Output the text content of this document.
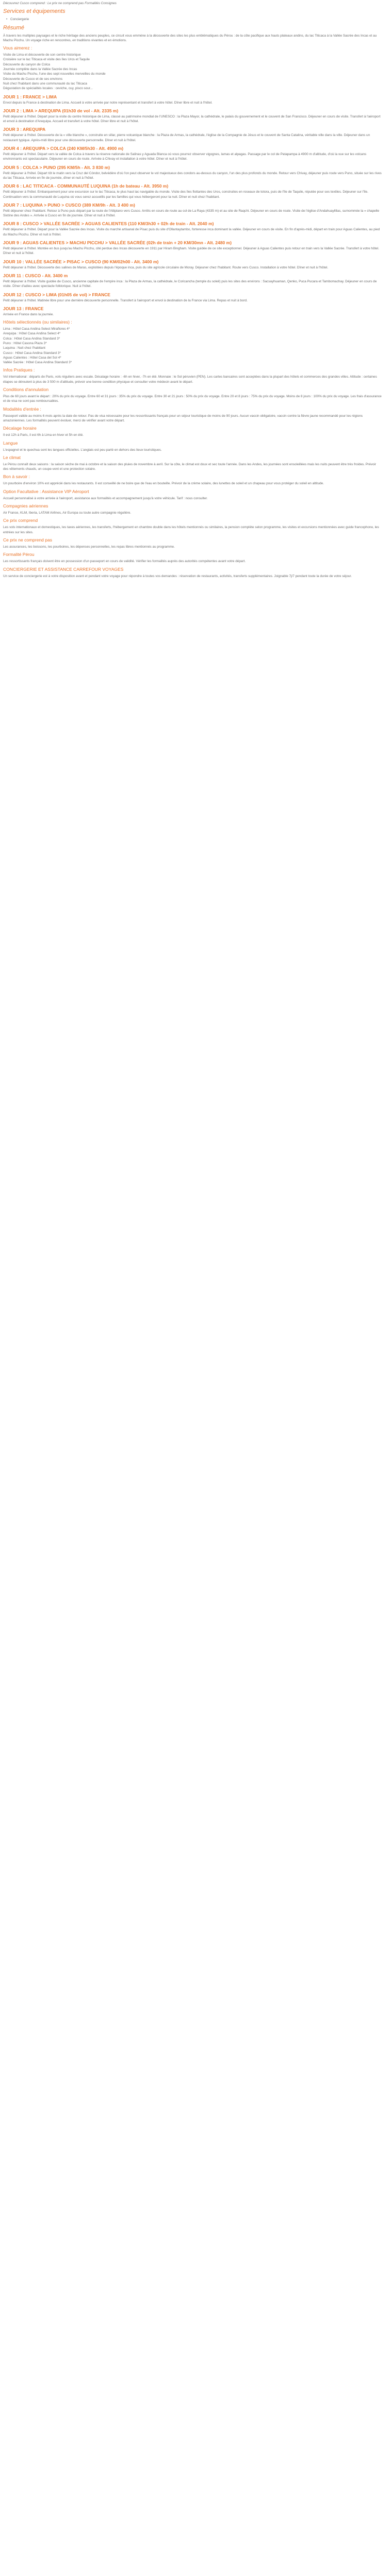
Découvrez Cusco comprend : Le prix ne comprend pas Formalités Consignes

Services et équipements
• Conciergerie
Résumé

À travers les multiples paysages et le riche héritage des anciens peuples, ce circuit vous emmène à la découverte des sites les plus emblématiques du Pérou : de la côte pacifique aux hauts plateaux andins, du lac Titicaca à la Vallée Sacrée des Incas et au Machu Picchu. Un voyage riche en rencontres, en traditions vivantes et en émotions.

Vous aimerez :

Visite de Lima et découverte de son centre historique

Croisière sur le lac Titicaca et visite des îles Uros et Taquile

Découverte du canyon de Colca

Journée complète dans la Vallée Sacrée des Incas

Visite du Machu Picchu, l'une des sept nouvelles merveilles du monde

Découverte de Cusco et de ses environs

Nuit chez l'habitant dans une communauté du lac Titicaca

Dégustation de spécialités locales : ceviche, cuy, pisco sour...

JOUR 1 : FRANCE > LIMA

Envol depuis la France à destination de Lima. Accueil à votre arrivée par notre représentant et transfert à votre hôtel. Dîner libre et nuit à l'hôtel.

JOUR 2 : LIMA > AREQUIPA (01h30 de vol - Alt. 2335 m)

Petit déjeuner à l'hôtel. Départ pour la visite du centre historique de Lima, classé au patrimoine mondial de l'UNESCO : la Plaza Mayor, la cathédrale, le palais du gouvernement et le couvent de San Francisco. Déjeuner en cours de visite. Transfert à l'aéroport et envol à destination d'Arequipa. Accueil et transfert à votre hôtel. Dîner libre et nuit à l'hôtel.

JOUR 3 : AREQUIPA

Petit déjeuner à l'hôtel. Découverte de la « ville blanche », construite en sillar, pierre volcanique blanche : la Plaza de Armas, la cathédrale, l'église de la Compagnie de Jésus et le couvent de Santa Catalina, véritable ville dans la ville. Déjeuner dans un restaurant typique. Après-midi libre pour une découverte personnelle. Dîner et nuit à l'hôtel.

JOUR 4 : AREQUIPA > COLCA (240 KM/5h30 - Alt. 4900 m)

Petit déjeuner à l'hôtel. Départ vers la vallée de Colca à travers la réserve nationale de Salinas y Aguada Blanca où vous pourrez observer vigognes, lamas et alpagas. Passage par le col de Patapampa à 4900 m d'altitude, d'où la vue sur les volcans environnants est spectaculaire. Déjeuner en cours de route. Arrivée à Chivay et installation à votre hôtel. Dîner et nuit à l'hôtel.

JOUR 5 : COLCA > PUNO (295 KM/5h - Alt. 3 830 m)

Petit déjeuner à l'hôtel. Départ tôt le matin vers la Cruz del Cóndor, belvédère d'où l'on peut observer le vol majestueux des condors au-dessus du canyon, l'un des plus profonds du monde. Retour vers Chivay, déjeuner puis route vers Puno, située sur les rives du lac Titicaca. Arrivée en fin de journée, dîner et nuit à l'hôtel.

JOUR 6 : LAC TITICACA - COMMUNAUTÉ LUQUINA (1h de bateau - Alt. 3950 m)

Petit déjeuner à l'hôtel. Embarquement pour une excursion sur le lac Titicaca, le plus haut lac navigable du monde. Visite des îles flottantes des Uros, construites en roseaux de totora, puis de l'île de Taquile, réputée pour ses textiles. Déjeuner sur l'île. Continuation vers la communauté de Luquina où vous serez accueillis par les familles qui vous hébergeront pour la nuit. Dîner et nuit chez l'habitant.

JOUR 7 : LUQUINA > PUNO > CUSCO (389 KM/9h - Alt. 3 400 m)

Petit déjeuner chez l'habitant. Retour à Puno puis départ par la route de l'Altiplano vers Cusco. Arrêts en cours de route au col de La Raya (4335 m) et au site de Raqchi. Déjeuner en cours de route. Visite de l'église d'Andahuaylillas, surnommée la « chapelle Sixtine des Andes ». Arrivée à Cusco en fin de journée. Dîner et nuit à l'hôtel.

JOUR 8 : CUSCO > VALLÉE SACRÉE > AGUAS CALIENTES (110 KM/3h30 + 02h de train - Alt. 2040 m)

Petit déjeuner à l'hôtel. Départ pour la Vallée Sacrée des Incas. Visite du marché artisanal de Pisac puis du site d'Ollantaytambo, forteresse inca dominant la vallée. Déjeuner en cours de visite. En fin d'après-midi, départ en train pour Aguas Calientes, au pied du Machu Picchu. Dîner et nuit à l'hôtel.

JOUR 9 : AGUAS CALIENTES > MACHU PICCHU > VALLÉE SACRÉE (02h de train + 20 KM/30mn - Alt. 2480 m)

Petit déjeuner à l'hôtel. Montée en bus jusqu'au Machu Picchu, cité perdue des Incas découverte en 1911 par Hiram Bingham. Visite guidée de ce site exceptionnel. Déjeuner à Aguas Calientes puis retour en train vers la Vallée Sacrée. Transfert à votre hôtel. Dîner et nuit à l'hôtel.

JOUR 10 : VALLÉE SACRÉE > PISAC > CUSCO (90 KM/02h00 - Alt. 3400 m)

Petit déjeuner à l'hôtel. Découverte des salines de Maras, exploitées depuis l'époque inca, puis du site agricole circulaire de Moray. Déjeuner chez l'habitant. Route vers Cusco. Installation à votre hôtel. Dîner et nuit à l'hôtel.

JOUR 11 : CUSCO - Alt. 3400 m

Petit déjeuner à l'hôtel. Visite guidée de Cusco, ancienne capitale de l'empire inca : la Plaza de Armas, la cathédrale, le Coricancha (temple du soleil) puis les sites des environs : Sacsayhuaman, Qenko, Puca Pucara et Tambomachay. Déjeuner en cours de visite. Dîner d'adieu avec spectacle folklorique. Nuit à l'hôtel.

JOUR 12 : CUSCO > LIMA (01h05 de vol) > FRANCE

Petit déjeuner à l'hôtel. Matinée libre pour une dernière découverte personnelle. Transfert à l'aéroport et envol à destination de la France via Lima. Repas et nuit à bord.

JOUR 13 : FRANCE

Arrivée en France dans la journée.

Hôtels sélectionnés (ou similaires) :

Lima : Hôtel Casa Andina Select Miraflores 4*

Arequipa : Hôtel Casa Andina Select 4*

Colca : Hôtel Casa Andina Standard 3*

Puno : Hôtel Casona Plaza 3*

Luquina : Nuit chez l'habitant

Cusco : Hôtel Casa Andina Standard 3*

Aguas Calientes : Hôtel Casa del Sol 4*

Vallée Sacrée : Hôtel Casa Andina Standard 3*

Infos Pratiques :

Vol international : départs de Paris, vols réguliers avec escale. Décalage horaire : -6h en hiver, -7h en été. Monnaie : le Sol péruvien (PEN). Les cartes bancaires sont acceptées dans la plupart des hôtels et commerces des grandes villes. Altitude : certaines étapes se déroulent à plus de 3 500 m d'altitude, prévoir une bonne condition physique et consulter votre médecin avant le départ.

Conditions d'annulation

Plus de 60 jours avant le départ : 20% du prix du voyage. Entre 60 et 31 jours : 35% du prix du voyage. Entre 30 et 21 jours : 50% du prix du voyage. Entre 20 et 8 jours : 75% du prix du voyage. Moins de 8 jours : 100% du prix du voyage. Les frais d'assurance et de visa ne sont pas remboursables.

Modalités d'entrée :

Passeport valide au moins 6 mois après la date de retour. Pas de visa nécessaire pour les ressortissants français pour un séjour touristique de moins de 90 jours. Aucun vaccin obligatoire, vaccin contre la fièvre jaune recommandé pour les régions amazoniennes. Les formalités peuvent évoluer, merci de vérifier avant votre départ.

Décalage horaire

Il est 12h à Paris, il est 6h à Lima en hiver et 5h en été.

Langue

L'espagnol et le quechua sont les langues officielles. L'anglais est peu parlé en dehors des lieux touristiques.

Le climat

Le Pérou connaît deux saisons : la saison sèche de mai à octobre et la saison des pluies de novembre à avril. Sur la côte, le climat est doux et sec toute l'année. Dans les Andes, les journées sont ensoleillées mais les nuits peuvent être très froides. Prévoir des vêtements chauds, un coupe-vent et une protection solaire.

Bon à savoir :

Un pourboire d'environ 10% est apprécié dans les restaurants. Il est conseillé de ne boire que de l'eau en bouteille. Prévoir de la crème solaire, des lunettes de soleil et un chapeau pour vous protéger du soleil en altitude.

Option Facultative : Assistance VIP Aéroport

Accueil personnalisé à votre arrivée à l'aéroport, assistance aux formalités et accompagnement jusqu'à votre véhicule. Tarif : nous consulter.

Compagnies aériennes

Air France, KLM, Iberia, LATAM Airlines, Air Europa ou toute autre compagnie régulière.

Ce prix comprend

Les vols internationaux et domestiques, les taxes aériennes, les transferts, l'hébergement en chambre double dans les hôtels mentionnés ou similaires, la pension complète selon programme, les visites et excursions mentionnées avec guide francophone, les entrées sur les sites.

Ce prix ne comprend pas

Les assurances, les boissons, les pourboires, les dépenses personnelles, les repas libres mentionnés au programme.

Formalité Pérou

Les ressortissants français doivent être en possession d'un passeport en cours de validité. Vérifier les formalités auprès des autorités compétentes avant votre départ.

CONCIERGERIE ET ASSISTANCE CARREFOUR VOYAGES

Un service de conciergerie est à votre disposition avant et pendant votre voyage pour répondre à toutes vos demandes : réservation de restaurants, activités, transferts supplémentaires. Joignable 7j/7 pendant toute la durée de votre séjour.
